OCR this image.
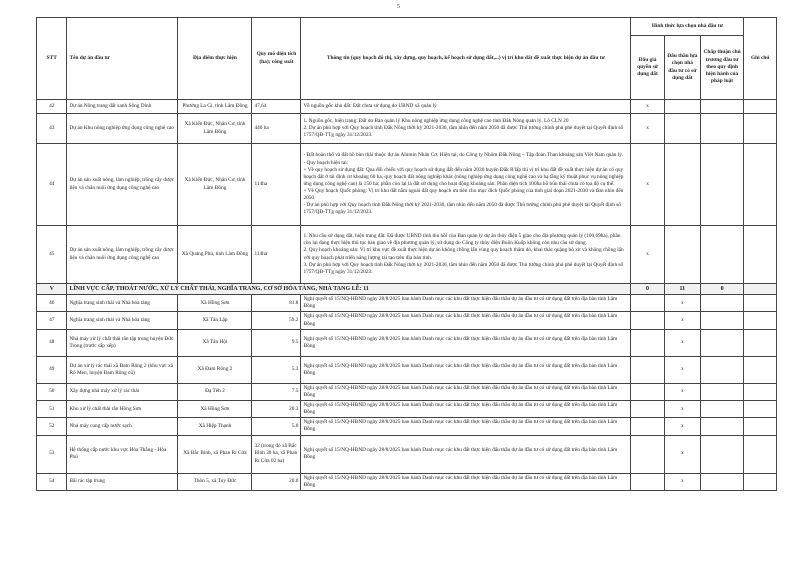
5
STT	Tên dự án đầu tư	Địa điểm thực hiện	Quy mô diện tích (ha); công suất	Thông tin (quy hoạch đô thị, xây dựng, quy hoạch, kế hoạch sử dụng đất,...) vị trí khu đất đề xuất thực hiện dự án đầu tư	Hình thức lựa chọn nhà đầu tư			Ghi chú
					Đấu giá quyền sử dụng đất	Đấu thầu lựa chọn nhà đầu tư có sử dụng đất	Chấp thuận chủ trương đầu tư theo quy định hiện hành của pháp luật	
42	Dự án Nông trang đất xanh Sông Dinh	Phường La Gi, tỉnh Lâm Đồng	47,64	Về nguồn gốc khu đất: Đất chưa sử dụng do UBND xã quản lý	x			
43	Dự án Khu nông nghiệp ứng dụng công nghệ cao	Xã Kiến Đức, Nhân Cơ, tỉnh Lâm Đồng	440 ha	1. Nguồn gốc, hiện trạng: Đất do Ban quản lý Khu nông nghiệp ứng dụng công nghệ cao tỉnh Đắk Nông quản lý. Lô CLN 20
2. Dự án phù hợp với Quy hoạch tỉnh Đắk Nông thời kỳ 2021-2030, tầm nhìn đến năm 2050 đã được Thủ tướng chính phủ phê duyệt tại Quyết định số 1757/QĐ-TTg ngày 31/12/2023.	x			
44	Dự án sản xuất nông, lâm nghiệp, trồng cây dược liệu và chăn nuôi ứng dụng công nghệ cao	Xã Kiến Đức, Nhân Cơ, tỉnh Lâm Đồng	114ha	- Đất hoàn thổ và đất hồ bùn thải thuộc dự án Alumin Nhân Cơ. Hiện tại, do Công ty Nhôm Đắk Nông – Tập đoàn Than khoáng sản Việt Nam quản lý.
- Quy hoạch hiện tại:
+ Về quy hoạch sử dụng đất: Qua đối chiếu với quy hoạch sử dụng đất đến năm 2030 huyện Đắk R'lấp thì vị trí khu đất đề xuất thực hiện dự án có quy hoạch đất ở tái định cư khoảng 60 ha, quy hoạch đất nông nghiệp khác (nông nghiệp ứng dụng công nghệ cao và hạ tầng kỹ thuật phục vụ nông nghiệp ứng dụng công nghệ cao) là 150 ha; phần còn lại là đất sử dụng cho hoạt động khoáng sản. Phần diện tích 100ha hồ bùn thải chưa có tọa độ cụ thể.
+ Về Quy hoạch Quốc phòng: Vị trí khu đất nằm ngoài đất quy hoạch ưu tiên cho mục đích Quốc phòng của tỉnh giai đoạn 2021-2030 và tầm nhìn đến 2050.
- Dự án phù hợp với Quy hoạch tỉnh Đắk Nông thời kỳ 2021-2030, tầm nhìn đến năm 2050 đã được Thủ tướng chính phủ phê duyệt tại Quyết định số 1757/QĐ-TTg ngày 31/12/2023.	x			
45	Dự án sản xuất nông, lâm nghiệp, trồng cây dược liệu và chăn nuôi ứng dụng công nghệ cao	Xã Quảng Phú, tỉnh Lâm Đồng	114ha	1. Nhu cầu sử dụng đất, hiện trạng đất: Đã được UBND tỉnh thu hồi của Ban quản lý dự án thủy điện 5 giao cho địa phương quản lý (100,69ha), phần còn lại đang thực hiện thủ tục bàn giao về địa phương quản lý, sử dụng do Công ty thủy điện Buôn Kuốp không còn nhu cầu sử dụng.
2. Quy hoạch khoáng sản: Vị trí khu vực đề xuất thực hiện dự án không chồng lấn vùng quy hoạch thăm dò, khai thác quặng bô xít và không chồng lấn với quy hoạch phát triển năng lượng tái tạo trên địa bàn tỉnh.
3. Dự án phù hợp với Quy hoạch tỉnh Đắk Nông thời kỳ 2021-2030, tầm nhìn đến năm 2050 đã được Thủ tướng chính phủ phê duyệt tại Quyết định số 1757/QĐ-TTg ngày 31/12/2023.	x			
V	LĨNH VỰC CẤP, THOÁT NƯỚC, XỬ LÝ CHẤT THẢI, NGHĨA TRANG, CƠ SỞ HỎA TÁNG, NHÀ TANG LỄ: 11				0	11	0	
46	Nghĩa trang sinh thái và Nhà hỏa táng	Xã Hồng Sơn	81.8	Nghị quyết số 15/NQ-HĐND ngày 28/8/2025 ban hành Danh mục các khu đất thực hiện đấu thầu dự án đầu tư có sử dụng đất trên địa bàn tỉnh Lâm Đồng		x		
47	Nghĩa trang sinh thái và Nhà hỏa táng	Xã Tân Lập	59.2	Nghị quyết số 15/NQ-HĐND ngày 28/8/2025 ban hành Danh mục các khu đất thực hiện đấu thầu dự án đầu tư có sử dụng đất trên địa bàn tỉnh Lâm Đồng		x		
48	Nhà máy xử lý chất thải rắn tập trung huyện Đức Trọng (trước sắp xếp)	Xã Tân Hội	9.5	Nghị quyết số 15/NQ-HĐND ngày 28/8/2025 ban hành Danh mục các khu đất thực hiện đấu thầu dự án đầu tư có sử dụng đất trên địa bàn tỉnh Lâm Đồng		x		
49	Dự án xử lý rác thải xã Đam Rông 2 (khu vực xã Rô Men, huyện Đam Rông cũ)	Xã Đam Rông 2	5.3	Nghị quyết số 15/NQ-HĐND ngày 28/8/2025 ban hành Danh mục các khu đất thực hiện đấu thầu dự án đầu tư có sử dụng đất trên địa bàn tỉnh Lâm Đồng		x		
50	Xây dựng nhà máy xử lý rác thải	Đạ Tẻh 2	7.5	Nghị quyết số 15/NQ-HĐND ngày 28/8/2025 ban hành Danh mục các khu đất thực hiện đấu thầu dự án đầu tư có sử dụng đất trên địa bàn tỉnh Lâm Đồng		x		
51	Khu xử lý chất thải rắn Hồng Sơn	Xã Hồng Sơn	20.3	Nghị quyết số 15/NQ-HĐND ngày 28/8/2025 ban hành Danh mục các khu đất thực hiện đấu thầu dự án đầu tư có sử dụng đất trên địa bàn tỉnh Lâm Đồng		x		
52	Nhà máy cung cấp nước sạch	Xã Hiệp Thạnh	5.0	Nghị quyết số 15/NQ-HĐND ngày 28/8/2025 ban hành Danh mục các khu đất thực hiện đấu thầu dự án đầu tư có sử dụng đất trên địa bàn tỉnh Lâm Đồng		x		
53	Hệ thống cấp nước khu vực Hòa Thắng - Hòa Phú	Xã Bắc Bình, xã Phan Rí Cửa	32 (trong đó xã Bắc Bình 30 ha, xã Phan Rí Cửa 02 ha)	Nghị quyết số 15/NQ-HĐND ngày 28/8/2025 ban hành Danh mục các khu đất thực hiện đấu thầu dự án đầu tư có sử dụng đất trên địa bàn tỉnh Lâm Đồng		x		
54	Bãi rác tập trung	Thôn 5, xã Tuy Đức	20.0	Nghị quyết số 15/NQ-HĐND ngày 28/8/2025 ban hành Danh mục các khu đất thực hiện đấu thầu dự án đầu tư có sử dụng đất trên địa bàn tỉnh Lâm Đồng		x		
